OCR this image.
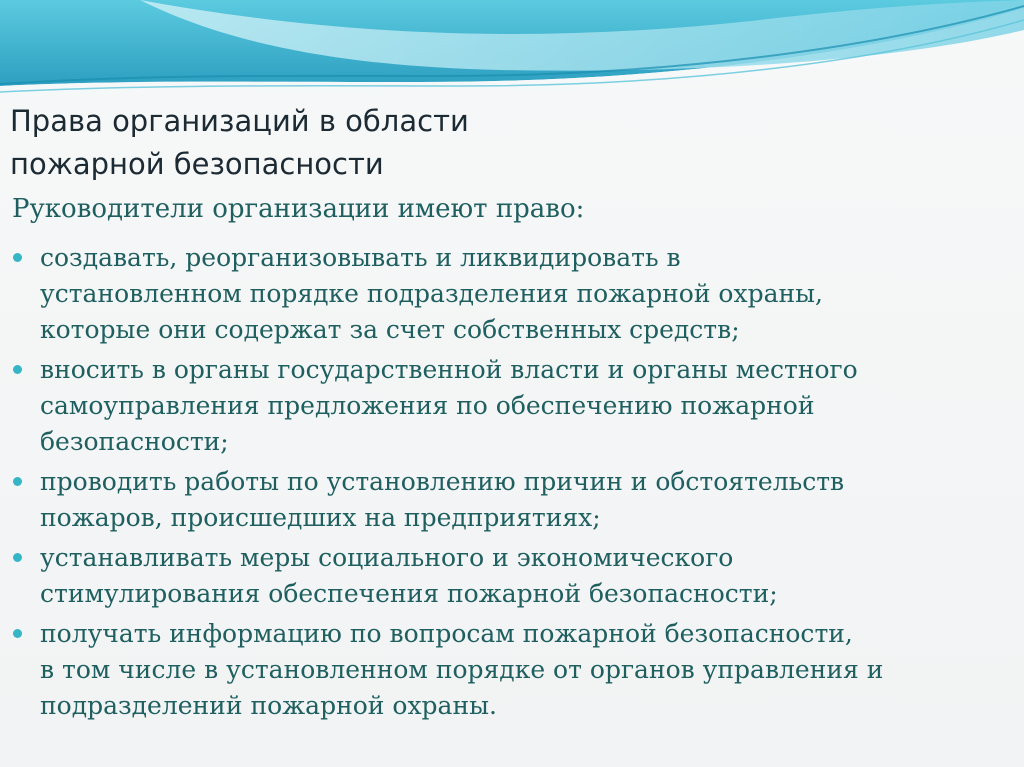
Права организаций в области
пожарной безопасности

Руководители организации имеют право:

создавать, реорганизовывать и ликвидировать в
установленном порядке подразделения пожарной охраны,
которые они содержат за счет собственных средств;
вносить в органы государственной власти и органы местного
самоуправления предложения по обеспечению пожарной
безопасности;
проводить работы по установлению причин и обстоятельств
пожаров, происшедших на предприятиях;
устанавливать меры социального и экономического
стимулирования обеспечения пожарной безопасности;
получать информацию по вопросам пожарной безопасности,
в том числе в установленном порядке от органов управления и
подразделений пожарной охраны.
